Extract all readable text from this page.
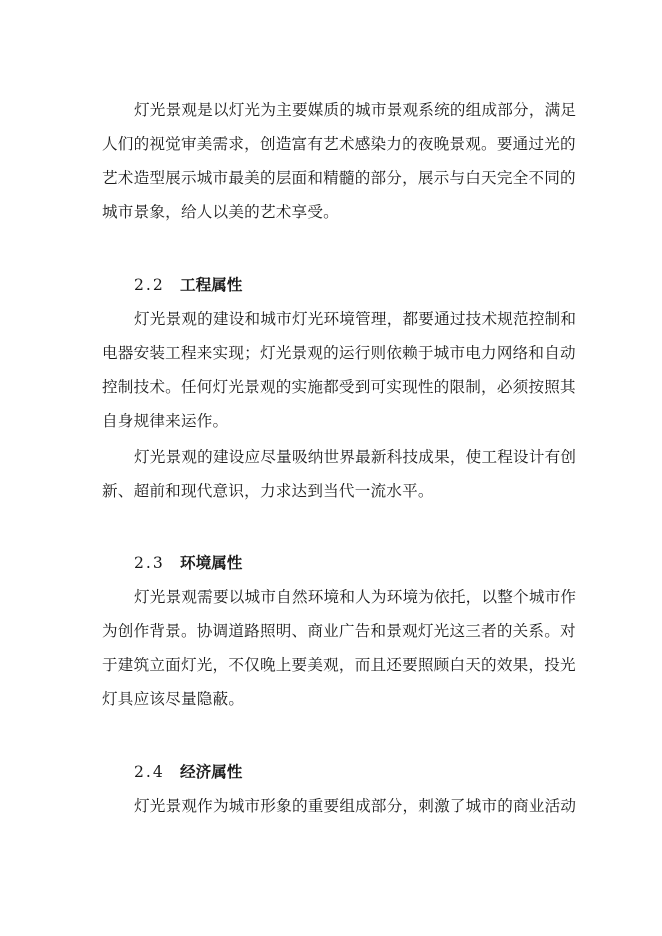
灯光景观是以灯光为主要媒质的城市景观系统的组成部分，满足
人们的视觉审美需求，创造富有艺术感染力的夜晚景观。要通过光的
艺术造型展示城市最美的层面和精髓的部分，展示与白天完全不同的
城市景象，给人以美的艺术享受。
2.2 工程属性
灯光景观的建设和城市灯光环境管理，都要通过技术规范控制和
电器安装工程来实现；灯光景观的运行则依赖于城市电力网络和自动
控制技术。任何灯光景观的实施都受到可实现性的限制，必须按照其
自身规律来运作。
灯光景观的建设应尽量吸纳世界最新科技成果，使工程设计有创
新、超前和现代意识，力求达到当代一流水平。
2.3 环境属性
灯光景观需要以城市自然环境和人为环境为依托，以整个城市作
为创作背景。协调道路照明、商业广告和景观灯光这三者的关系。对
于建筑立面灯光，不仅晚上要美观，而且还要照顾白天的效果，投光
灯具应该尽量隐蔽。
2.4 经济属性
灯光景观作为城市形象的重要组成部分，刺激了城市的商业活动
